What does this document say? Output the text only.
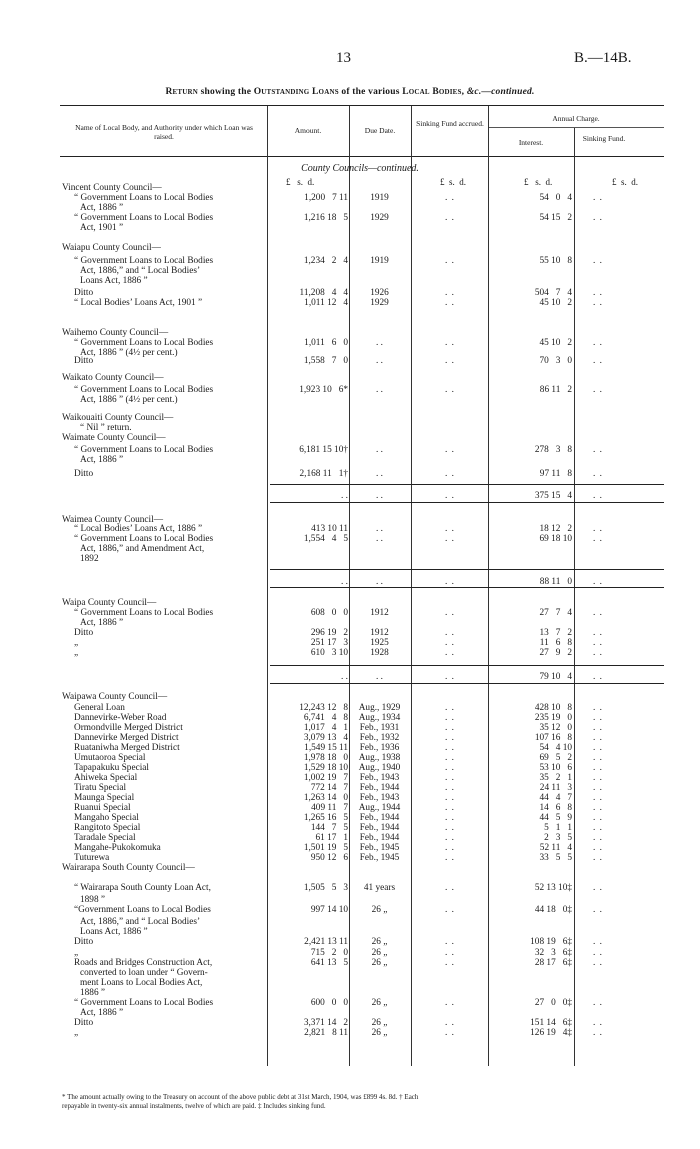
13	B.—14B.
Return showing the Outstanding Loans of the various Local Bodies, &c.—continued.
Name of Local Body, and Authority under which Loan was raised.
Amount.	Due Date.
Sinking Fund accrued.
Annual Charge.
Interest.	Sinking Fund.
County Councils—continued.
£   s.  d.	£  s.  d.	£   s.  d.	£  s.  d.
Vincent County Council—
“ Government Loans to Local Bodies	1,200   7 11	1919	. .	54   0   4	. .
Act, 1886 ”
“ Government Loans to Local Bodies	1,216 18   5	1929	. .	54 15   2	. .
Act, 1901 ”
Waiapu County Council—
“ Government Loans to Local Bodies	1,234   2   4	1919	. .	55 10   8	. .
Act, 1886,” and “ Local Bodies’
Loans Act, 1886 ”
Ditto	11,208   4   4	1926	. .	504   7   4	. .
“ Local Bodies’ Loans Act, 1901 ”	1,011 12   4	1929	. .	45 10   2	. .
Waihemo County Council—
“ Government Loans to Local Bodies	1,011   6   0	. .	. .	45 10   2	. .
Act, 1886 ” (4½ per cent.)
Ditto	1,558   7   0	. .	. .	70   3   0	. .
Waikato County Council—
“ Government Loans to Local Bodies	1,923 10   6*	. .	. .	86 11   2	. .
Act, 1886 ” (4½ per cent.)
Waikouaiti County Council—
“ Nil ” return.
Waimate County Council—
“ Government Loans to Local Bodies	6,181 15 10†	. .	. .	278   3   8	. .
Act, 1886 ”
Ditto	2,168 11   1†	. .	. .	97 11   8	. .
. .	. .	. .	375 15   4	. .
Waimea County Council—
“ Local Bodies’ Loans Act, 1886 ”	413 10 11	. .	. .	18 12   2	. .
“ Government Loans to Local Bodies	1,554   4   5	. .	. .	69 18 10	. .
Act, 1886,” and Amendment Act,
1892
. .	. .	. .	88 11   0	. .
Waipa County Council—
“ Government Loans to Local Bodies	608   0   0	1912	. .	27   7   4	. .
Act, 1886 ”
Ditto	296 19   2	1912	. .	13   7   2	. .
„	251 17   3	1925	. .	11   6   8	. .
„	610   3 10	1928	. .	27   9   2	. .
. .	. .	. .	79 10   4	. .
Waipawa County Council—
General Loan	12,243 12   8	Aug., 1929	. .	428 10   8	. .
Dannevirke-Weber Road	6,741   4   8	Aug., 1934	. .	235 19   0	. .
Ormondville Merged District	1,017   4   1	Feb., 1931	. .	35 12   0	. .
Dannevirke Merged District	3,079 13   4	Feb., 1932	. .	107 16   8	. .
Ruataniwha Merged District	1,549 15 11	Feb., 1936	. .	54   4 10	. .
Umutaoroa Special	1,978 18   0	Aug., 1938	. .	69   5   2	. .
Tapapakuku Special	1,529 18 10	Aug., 1940	. .	53 10   6	. .
Ahiweka Special	1,002 19   7	Feb., 1943	. .	35   2   1	. .
Tiratu Special	772 14   7	Feb., 1944	. .	24 11   3	. .
Maunga Special	1,263 14   0	Feb., 1943	. .	44   4   7	. .
Ruanui Special	409 11   7	Aug., 1944	. .	14   6   8	. .
Mangaho Special	1,265 16   5	Feb., 1944	. .	44   5   9	. .
Rangitoto Special	144   7   5	Feb., 1944	. .	5   1   1	. .
Taradale Special	61 17   1	Feb., 1944	. .	2   3   5	. .
Mangahe-Pukokomuka	1,501 19   5	Feb., 1945	. .	52 11   4	. .
Tuturewa	950 12   6	Feb., 1945	. .	33   5   5	. .
Wairarapa South County Council—
“ Wairarapa South County Loan Act,	1,505   5   3	41 years	. .	52 13 10‡	. .
1898 ”
“Government Loans to Local Bodies	997 14 10	26 „	. .	44 18   0‡	. .
Act, 1886,” and “ Local Bodies’
Loans Act, 1886 ”
Ditto	2,421 13 11	26 „	. .	108 19   6‡	. .
„	715   2   0	26 „	. .	32   3   6‡	. .
Roads and Bridges Construction Act,	641 13   5	26 „	. .	28 17   6‡	. .
converted to loan under “ Govern-
ment Loans to Local Bodies Act,
1886 ”
“ Government Loans to Local Bodies	600   0   0	26 „	. .	27   0   0‡	. .
Act, 1886 ”
Ditto	3,371 14   2	26 „	. .	151 14   6‡	. .
„	2,821   8 11	26 „	. .	126 19   4‡	. .
* The amount actually owing to the Treasury on account of the above public debt at 31st March, 1904, was £899 4s. 8d. † Each
repayable in twenty-six annual instalments, twelve of which are paid. ‡ Includes sinking fund.
